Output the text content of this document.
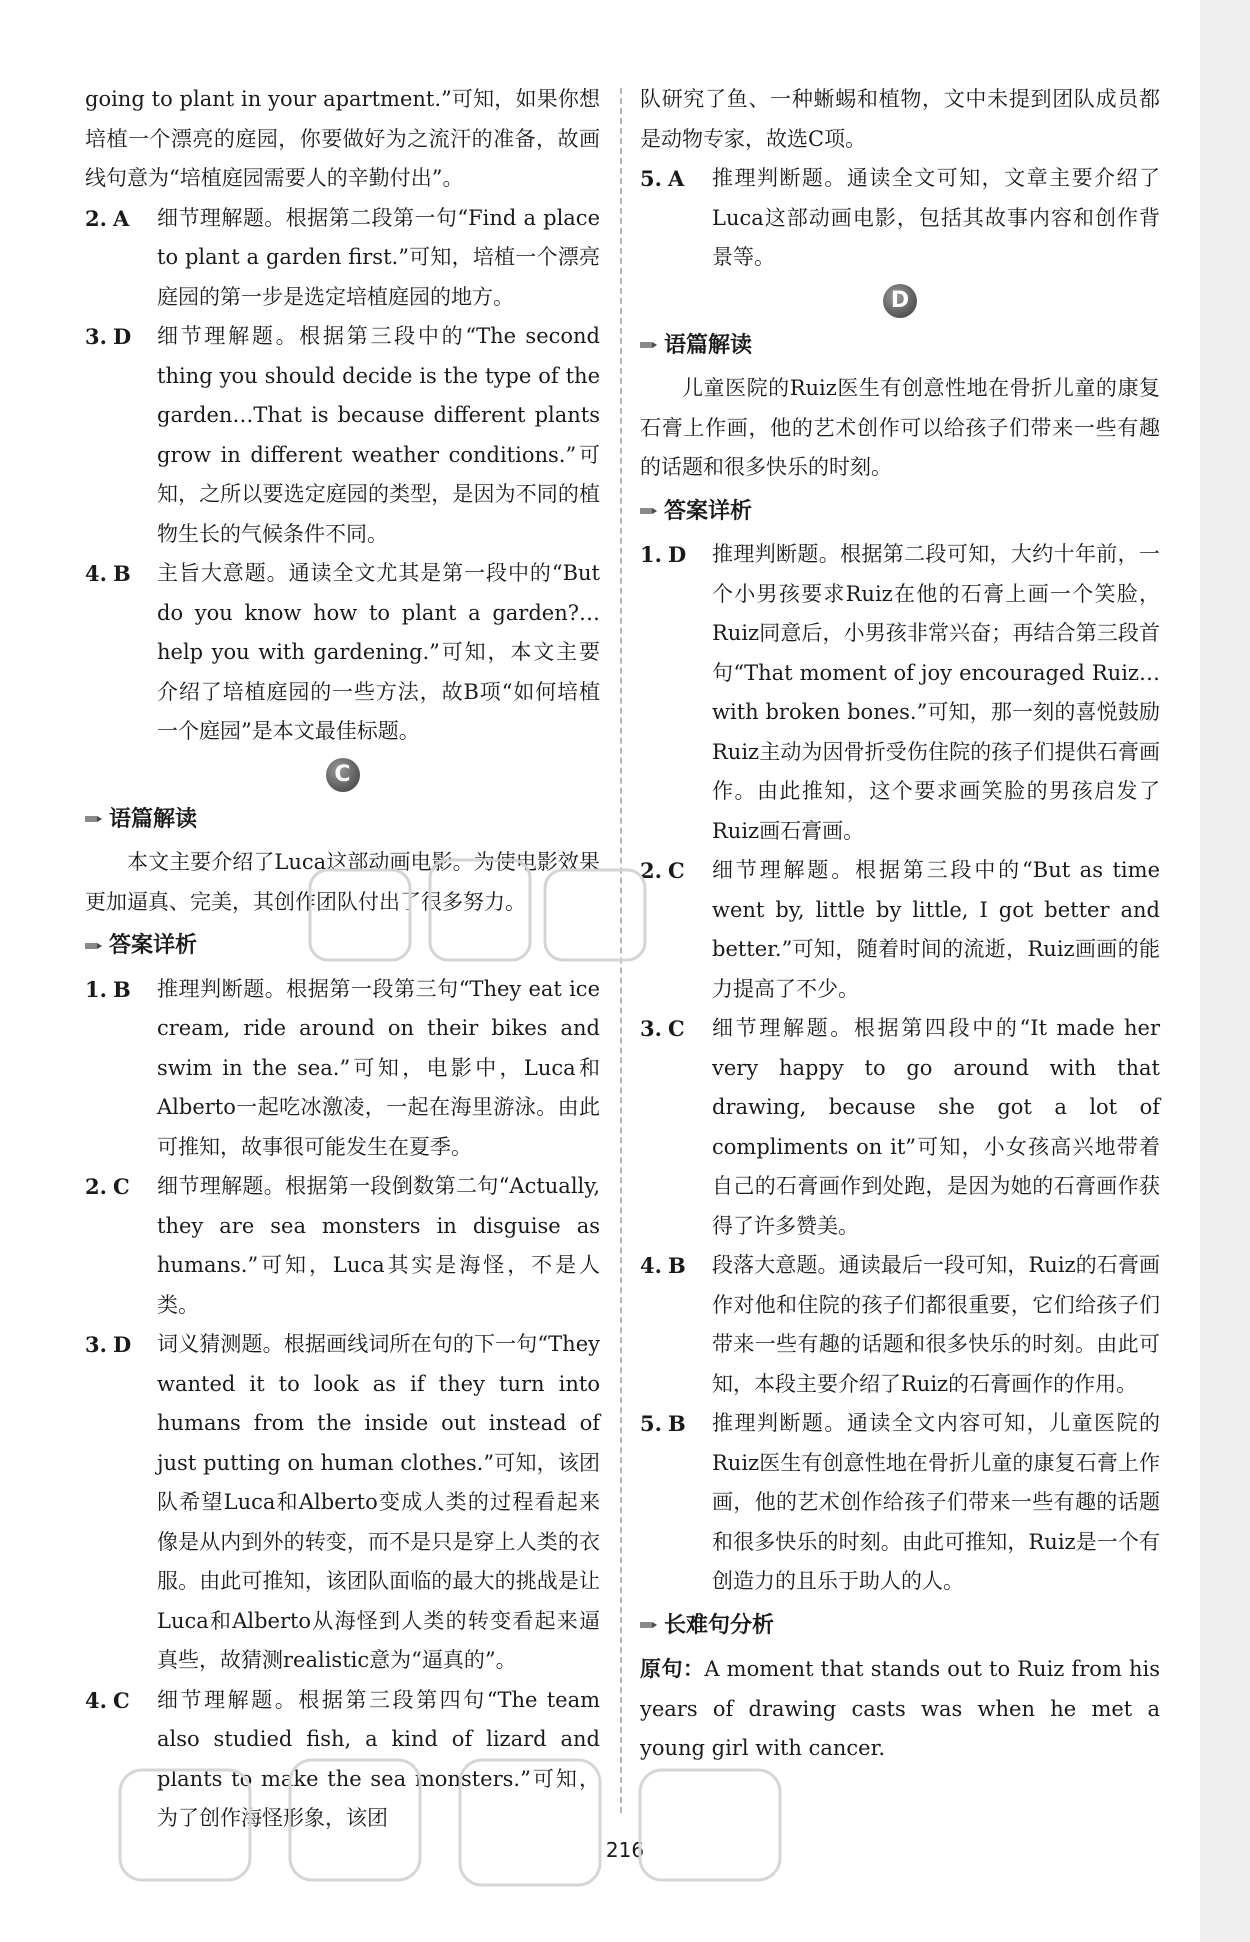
going to plant in your apartment.”可知，如果你想培植一个漂亮的庭园，你要做好为之流汗的准备，故画线句意为“培植庭园需要人的辛勤付出”。

2. A	细节理解题。根据第二段第一句“Find a place to plant a garden first.”可知，培植一个漂亮庭园的第一步是选定培植庭园的地方。
3. D	细节理解题。根据第三段中的“The second thing you should decide is the type of the garden…That is because different plants grow in different weather conditions.”可知，之所以要选定庭园的类型，是因为不同的植物生长的气候条件不同。
4. B	主旨大意题。通读全文尤其是第一段中的“But do you know how to plant a garden?…help you with gardening.”可知，本文主要介绍了培植庭园的一些方法，故B项“如何培植一个庭园”是本文最佳标题。
C
语篇解读

本文主要介绍了Luca这部动画电影。为使电影效果更加逼真、完美，其创作团队付出了很多努力。

答案详析
1. B	推理判断题。根据第一段第三句“They eat ice cream, ride around on their bikes and swim in the sea.”可知，电影中，Luca和Alberto一起吃冰激凌，一起在海里游泳。由此可推知，故事很可能发生在夏季。
2. C	细节理解题。根据第一段倒数第二句“Actually, they are sea monsters in disguise as humans.”可知，Luca其实是海怪，不是人类。
3. D	词义猜测题。根据画线词所在句的下一句“They wanted it to look as if they turn into humans from the inside out instead of just putting on human clothes.”可知，该团队希望Luca和Alberto变成人类的过程看起来像是从内到外的转变，而不是只是穿上人类的衣服。由此可推知，该团队面临的最大的挑战是让Luca和Alberto从海怪到人类的转变看起来逼真些，故猜测realistic意为“逼真的”。
4. C	细节理解题。根据第三段第四句“The team also studied fish, a kind of lizard and plants to make the sea monsters.”可知，为了创作海怪形象，该团

队研究了鱼、一种蜥蜴和植物，文中未提到团队成员都是动物专家，故选C项。

5. A	推理判断题。通读全文可知，文章主要介绍了Luca这部动画电影，包括其故事内容和创作背景等。
D
语篇解读

儿童医院的Ruiz医生有创意性地在骨折儿童的康复石膏上作画，他的艺术创作可以给孩子们带来一些有趣的话题和很多快乐的时刻。

答案详析
1. D	推理判断题。根据第二段可知，大约十年前，一个小男孩要求Ruiz在他的石膏上画一个笑脸，Ruiz同意后，小男孩非常兴奋；再结合第三段首句“That moment of joy encouraged Ruiz…with broken bones.”可知，那一刻的喜悦鼓励Ruiz主动为因骨折受伤住院的孩子们提供石膏画作。由此推知，这个要求画笑脸的男孩启发了Ruiz画石膏画。
2. C	细节理解题。根据第三段中的“But as time went by, little by little, I got better and better.”可知，随着时间的流逝，Ruiz画画的能力提高了不少。
3. C	细节理解题。根据第四段中的“It made her very happy to go around with that drawing, because she got a lot of compliments on it”可知，小女孩高兴地带着自己的石膏画作到处跑，是因为她的石膏画作获得了许多赞美。
4. B	段落大意题。通读最后一段可知，Ruiz的石膏画作对他和住院的孩子们都很重要，它们给孩子们带来一些有趣的话题和很多快乐的时刻。由此可知，本段主要介绍了Ruiz的石膏画作的作用。
5. B	推理判断题。通读全文内容可知，儿童医院的Ruiz医生有创意性地在骨折儿童的康复石膏上作画，他的艺术创作给孩子们带来一些有趣的话题和很多快乐的时刻。由此可推知，Ruiz是一个有创造力的且乐于助人的人。
长难句分析

原句：A moment that stands out to Ruiz from his years of drawing casts was when he met a young girl with cancer.

216
